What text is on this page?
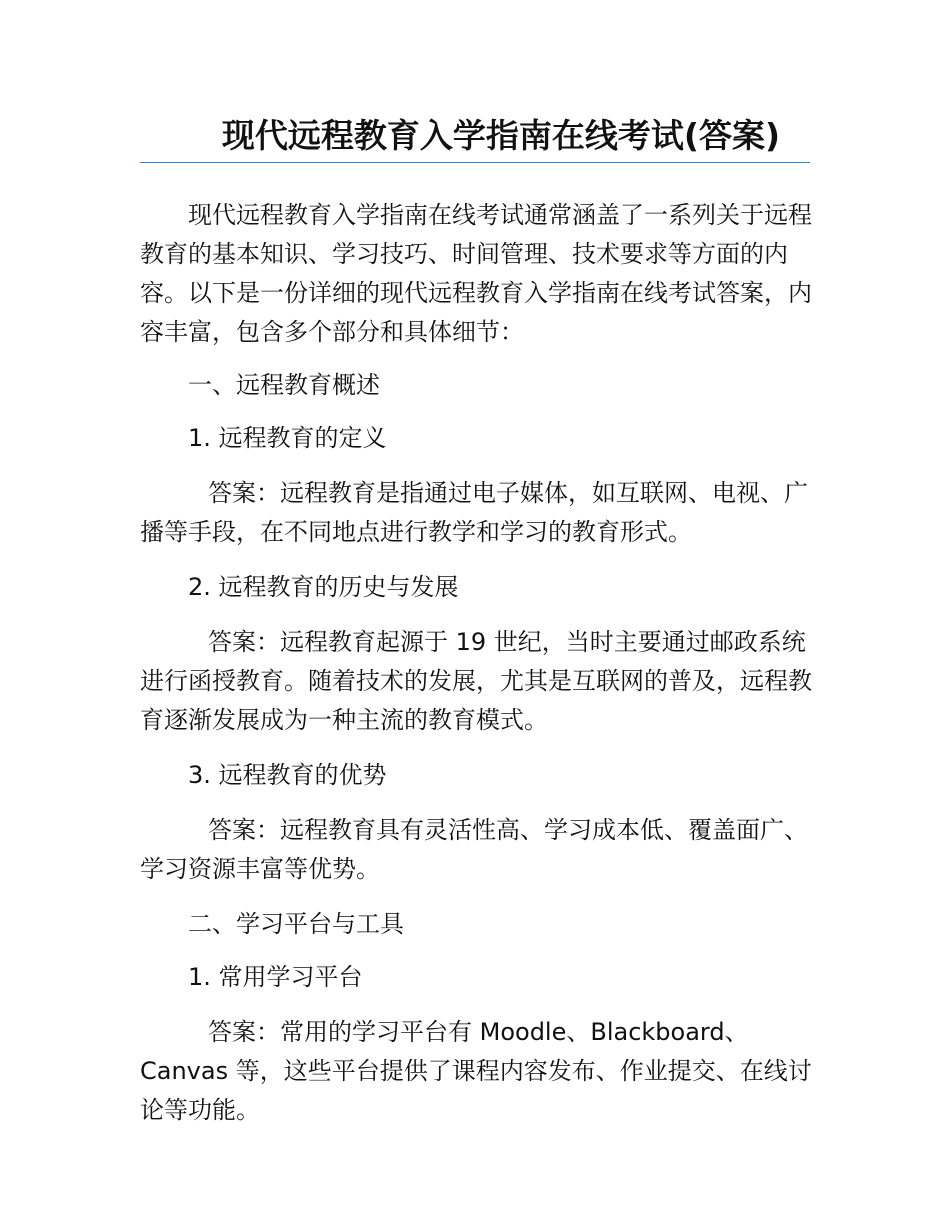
现代远程教育入学指南在线考试(答案)

现代远程教育入学指南在线考试通常涵盖了一系列关于远程教育的基本知识、学习技巧、时间管理、技术要求等方面的内容。以下是一份详细的现代远程教育入学指南在线考试答案，内容丰富，包含多个部分和具体细节：

一、远程教育概述

1. 远程教育的定义

答案：远程教育是指通过电子媒体，如互联网、电视、广播等手段，在不同地点进行教学和学习的教育形式。

2. 远程教育的历史与发展

答案：远程教育起源于 19 世纪，当时主要通过邮政系统进行函授教育。随着技术的发展，尤其是互联网的普及，远程教育逐渐发展成为一种主流的教育模式。

3. 远程教育的优势

答案：远程教育具有灵活性高、学习成本低、覆盖面广、学习资源丰富等优势。

二、学习平台与工具

1. 常用学习平台

答案：常用的学习平台有 Moodle、Blackboard、Canvas 等，这些平台提供了课程内容发布、作业提交、在线讨论等功能。
